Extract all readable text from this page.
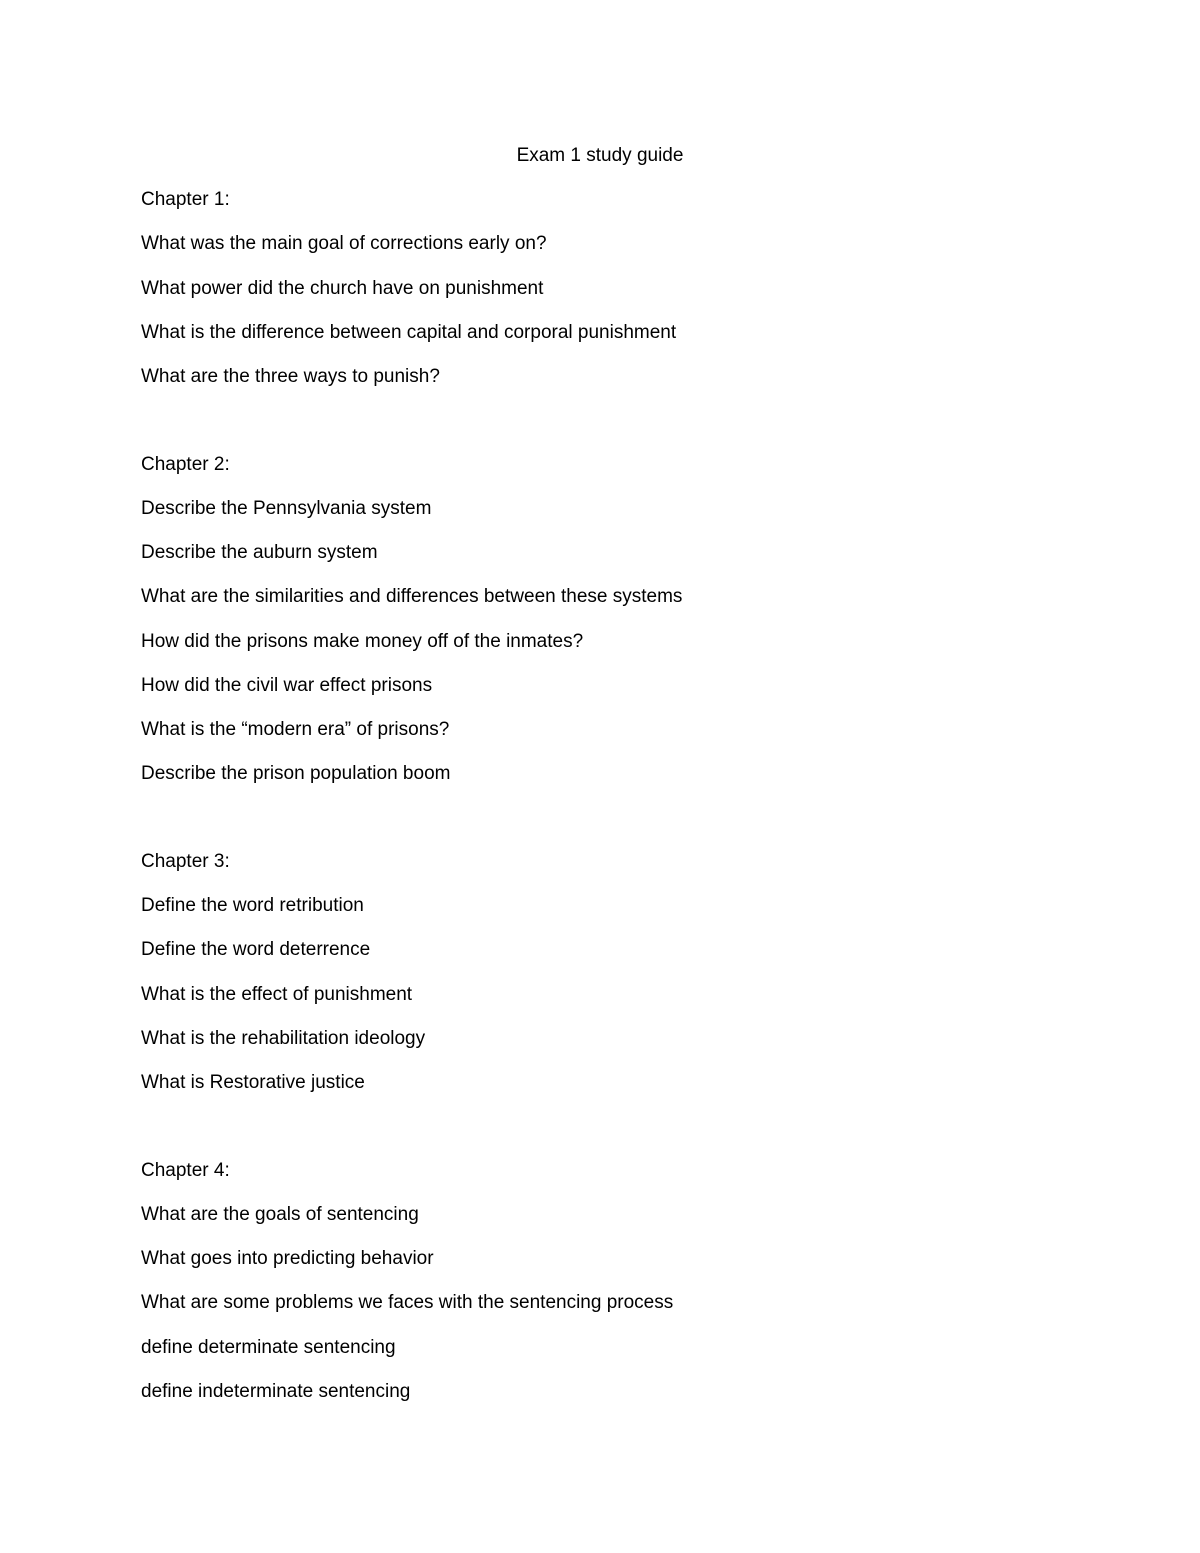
Exam 1 study guide
Chapter 1:
What was the main goal of corrections early on?
What power did the church have on punishment
What is the difference between capital and corporal punishment
What are the three ways to punish?
Chapter 2:
Describe the Pennsylvania system
Describe the auburn system
What are the similarities and differences between these systems
How did the prisons make money off of the inmates?
How did the civil war effect prisons
What is the “modern era” of prisons?
Describe the prison population boom
Chapter 3:
Define the word retribution
Define the word deterrence
What is the effect of punishment
What is the rehabilitation ideology
What is Restorative justice
Chapter 4:
What are the goals of sentencing
What goes into predicting behavior
What are some problems we faces with the sentencing process
define determinate sentencing
define indeterminate sentencing
